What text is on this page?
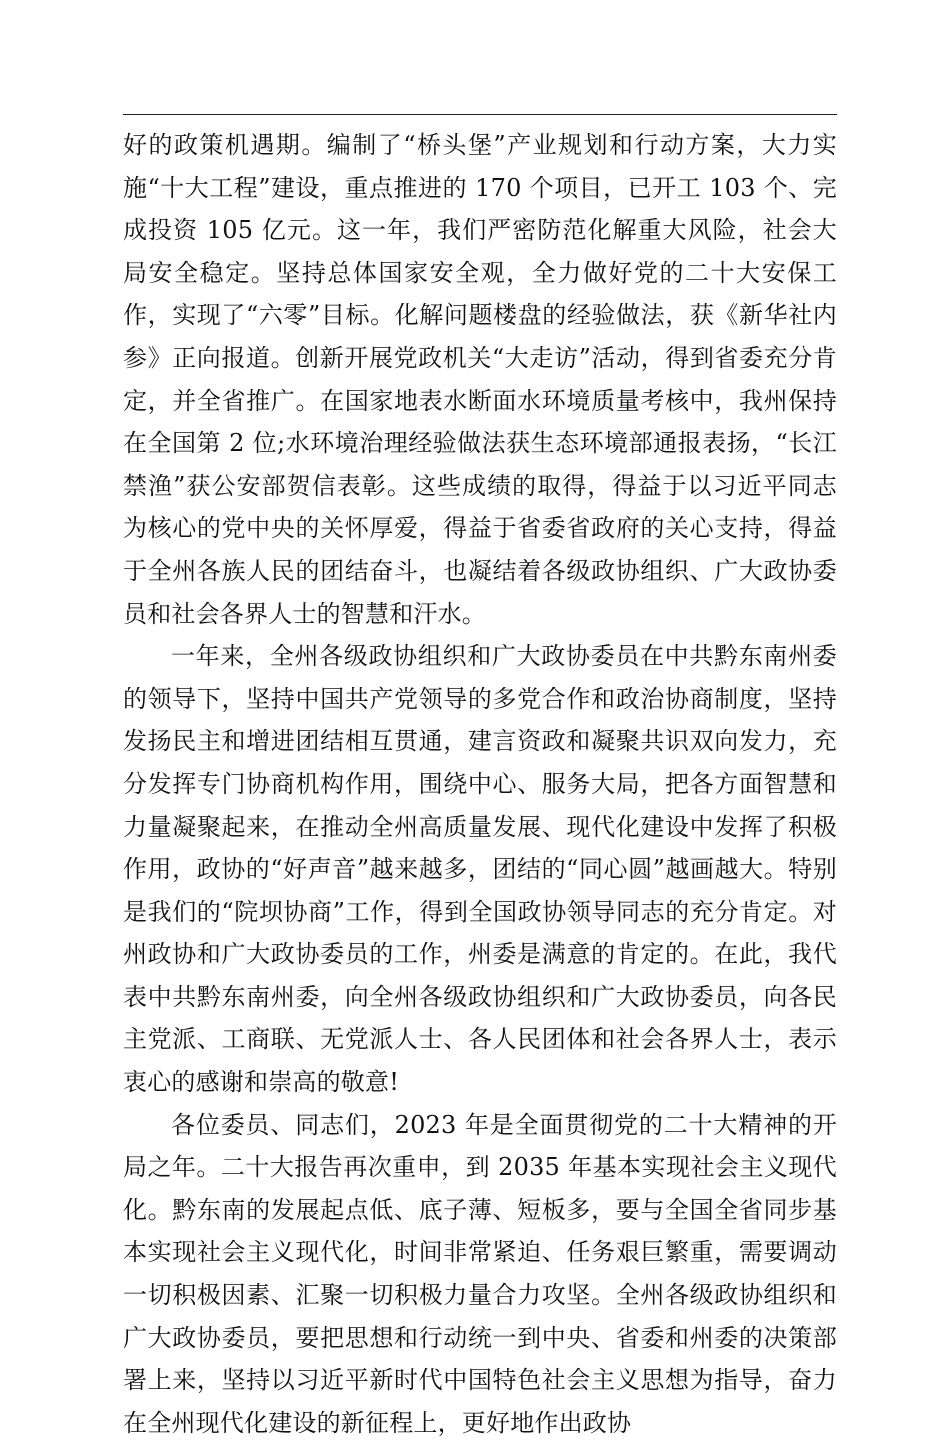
好的政策机遇期。编制了“桥头堡”产业规划和行动方案，大力实施“十大工程”建设，重点推进的 170 个项目，已开工 103 个、完成投资 105 亿元。这一年，我们严密防范化解重大风险，社会大局安全稳定。坚持总体国家安全观，全力做好党的二十大安保工作，实现了“六零”目标。化解问题楼盘的经验做法，获《新华社内参》正向报道。创新开展党政机关“大走访”活动，得到省委充分肯定，并全省推广。在国家地表水断面水环境质量考核中，我州保持在全国第 2 位;水环境治理经验做法获生态环境部通报表扬，“长江禁渔”获公安部贺信表彰。这些成绩的取得，得益于以习近平同志为核心的党中央的关怀厚爱，得益于省委省政府的关心支持，得益于全州各族人民的团结奋斗，也凝结着各级政协组织、广大政协委员和社会各界人士的智慧和汗水。

一年来，全州各级政协组织和广大政协委员在中共黔东南州委的领导下，坚持中国共产党领导的多党合作和政治协商制度，坚持发扬民主和增进团结相互贯通，建言资政和凝聚共识双向发力，充分发挥专门协商机构作用，围绕中心、服务大局，把各方面智慧和力量凝聚起来，在推动全州高质量发展、现代化建设中发挥了积极作用，政协的“好声音”越来越多，团结的“同心圆”越画越大。特别是我们的“院坝协商”工作，得到全国政协领导同志的充分肯定。对州政协和广大政协委员的工作，州委是满意的肯定的。在此，我代表中共黔东南州委，向全州各级政协组织和广大政协委员，向各民主党派、工商联、无党派人士、各人民团体和社会各界人士，表示衷心的感谢和崇高的敬意!

各位委员、同志们，2023 年是全面贯彻党的二十大精神的开局之年。二十大报告再次重申，到 2035 年基本实现社会主义现代化。黔东南的发展起点低、底子薄、短板多，要与全国全省同步基本实现社会主义现代化，时间非常紧迫、任务艰巨繁重，需要调动一切积极因素、汇聚一切积极力量合力攻坚。全州各级政协组织和广大政协委员，要把思想和行动统一到中央、省委和州委的决策部署上来，坚持以习近平新时代中国特色社会主义思想为指导，奋力在全州现代化建设的新征程上，更好地作出政协
